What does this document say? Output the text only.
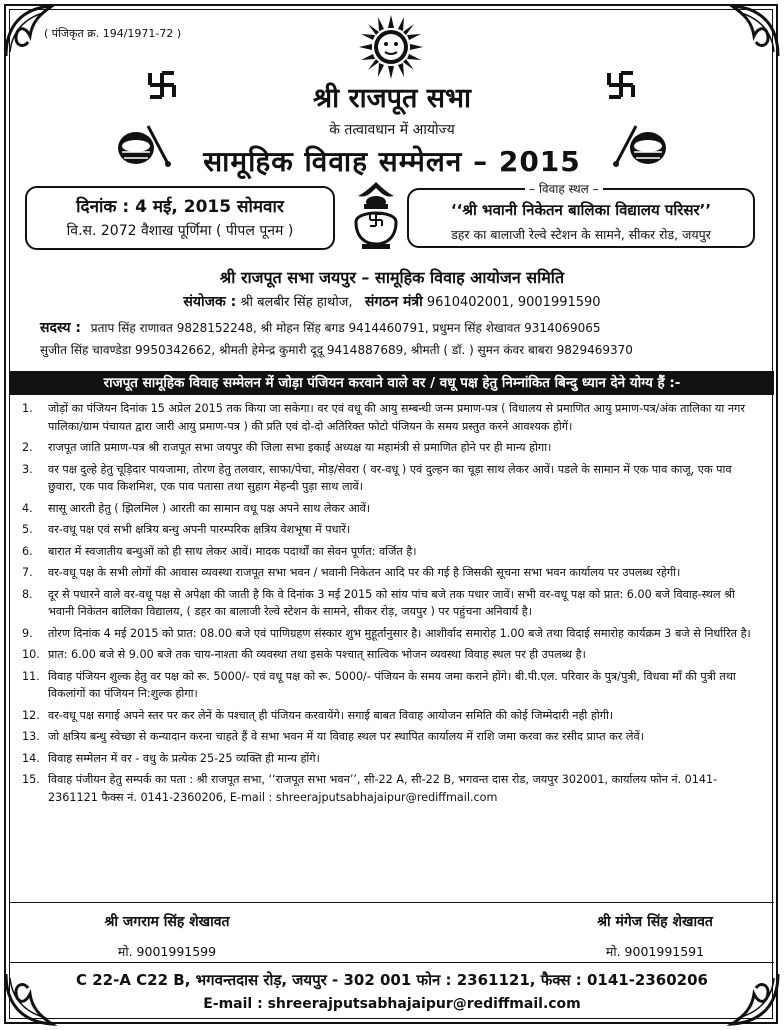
( पंजिकृत क्र. 194/1971-72 )
श्री राजपूत सभा
के तत्वावधान में आयोज्य
सामूहिक विवाह सम्मेलन – 2015
दिनांक : 4 मई, 2015 सोमवार
वि.स. 2072 वैशाख पूर्णिमा ( पीपल पूनम )
‘‘श्री भवानी निकेतन बालिका विद्यालय परिसर’’
डहर का बालाजी रेल्वे स्टेशन के सामने, सीकर रोड, जयपुर
– विवाह स्थल –
श्री राजपूत सभा जयपुर – सामूहिक विवाह आयोजन समिति
संयोजक : श्री बलबीर सिंह हाथोज, संगठन मंत्री 9610402001, 9001991590
सदस्य : प्रताप सिंह राणावत 9828152248, श्री मोहन सिंह बगड 9414460791, प्रधुमन सिंह शेखावत 9314069065
सुजीत सिंह चावण्डेडा 9950342662, श्रीमती हेमेन्द्र कुमारी दूदू 9414887689, श्रीमती ( डॉ. ) सुमन कंवर बाबरा 9829469370
राजपूत सामूहिक विवाह सम्मेलन में जोड़ा पंजियन करवाने वाले वर / वधू पक्ष हेतु निम्नांकित बिन्दु ध्यान देने योग्य हैं :-
1.	जोड़ों का पंजियन दिनांक 15 अप्रेल 2015 तक किया जा सकेगा। वर एवं वधू की आयु सम्बन्धी जन्म प्रमाण-पत्र ( विधालय से प्रमाणित आयु प्रमाण-पत्र/अंक तालिका या नगर पालिका/ग्राम पंचायत द्वारा जारी आयु प्रमाण-पत्र ) की प्रति एवं दो-दो अतिरिक्त फोटो पंजियन के समय प्रस्तुत करने आवश्यक होगें।
2.	राजपूत जाति प्रमाण-पत्र श्री राजपूत सभा जयपुर की जिला सभा इकाई अध्यक्ष या महामंत्री से प्रमाणित होने पर ही मान्य होगा।
3.	वर पक्ष दुल्हे हेतु चूड़िदार पायजामा, तोरण हेतु तलवार, साफा/पेचा, मोड़/सेवरा ( वर-वधू ) एवं दुल्हन का चूड़ा साथ लेकर आवें। पडले के सामान में एक पाव काजू, एक पाव छुवारा, एक पाव किशमिश, एक पाव पतासा तथा सुहाग मेहन्दी पुड़ा साथ लावें।
4.	सासू आरती हेतु ( झिलमिल ) आरती का सामान वधू पक्ष अपने साथ लेकर आवें।
5.	वर-वधू पक्ष एवं सभी क्षत्रिय बन्धु अपनी पारम्परिक क्षत्रिय वेशभूषा में पधारें।
6.	बारात में स्वजातीय बन्धुओं को ही साथ लेकर आवें। मादक पदार्थों का सेवन पूर्णत: वर्जित है।
7.	वर-वधू पक्ष के सभी लोगों की आवास व्यवस्था राजपूत सभा भवन / भवानी निकेतन आदि पर की गई है जिसकी सूचना सभा भवन कार्यालय पर उपलब्ध रहेगी।
8.	दूर से पधारने वाले वर-वधू पक्ष से अपेक्षा की जाती है कि वे दिनांक 3 मई 2015 को सांय पांच बजे तक पधार जावें। सभी वर-वधू पक्ष को प्रात: 6.00 बजे विवाह-स्थल श्री भवानी निकेतन बालिका विद्यालय, ( डहर का बालाजी रेल्वे स्टेशन के सामने, सीकर रोड़, जयपुर ) पर पहुंचना अनिवार्य है।
9.	तोरण दिनांक 4 मई 2015 को प्रात: 08.00 बजे एवं पाणिग्रहण संस्कार शुभ मुहूर्तानुसार है। आशीर्वाद समारोह 1.00 बजे तथा विदाई समारोह कार्यक्रम 3 बजे से निर्धारित है।
10. प्रात: 6.00 बजे से 9.00 बजे तक चाय-नाश्ता की व्यवस्था तथा इसके पश्चात् सात्विक भोजन व्यवस्था विवाह स्थल पर ही उपलब्ध है।
11. विवाह पंजियन शुल्क हेतु वर पक्ष को रू. 5000/- एवं वधू पक्ष को रू. 5000/- पंजियन के समय जमा कराने होंगे। बी.पी.एल. परिवार के पुत्र/पुत्री, विधवा माँ की पुत्री तथा विकलांगों का पंजियन नि:शुल्क होगा।
12. वर-वधू पक्ष सगाई अपने स्तर पर कर लेनें के पश्चात् ही पंजियन करवायेंगे। सगाई बाबत विवाह आयोजन समिति की कोई जिम्मेदारी नही होगी।
13. जो क्षत्रिय बन्धु स्वेच्छा से कन्यादान करना चाहते हैं वे सभा भवन में या विवाह स्थल पर स्थापित कार्यालय में राशि जमा करवा कर रसीद प्राप्त कर लेवें।
14. विवाह सम्मेलन में वर - वधु के प्रत्येक 25-25 व्यक्ति ही मान्य होंगे।
15. विवाह पंजीयन हेतु सम्पर्क का पता : श्री राजपूत सभा, ‘‘राजपूत सभा भवन’’, सी-22 A, सी-22 B, भगवन्त दास रोड, जयपुर 302001, कार्यालय फोन नं. 0141-2361121 फैक्स नं. 0141-2360206, E-mail : shreerajputsabhajaipur@rediffmail.com
श्री जगराम सिंह शेखावत
मो. 9001991599
श्री मंगेज सिंह शेखावत
मो. 9001991591
C 22-A C22 B, भगवन्तदास रोड़, जयपुर - 302 001 फोन : 2361121, फैक्स : 0141-2360206
E-mail : shreerajputsabhajaipur@rediffmail.com
